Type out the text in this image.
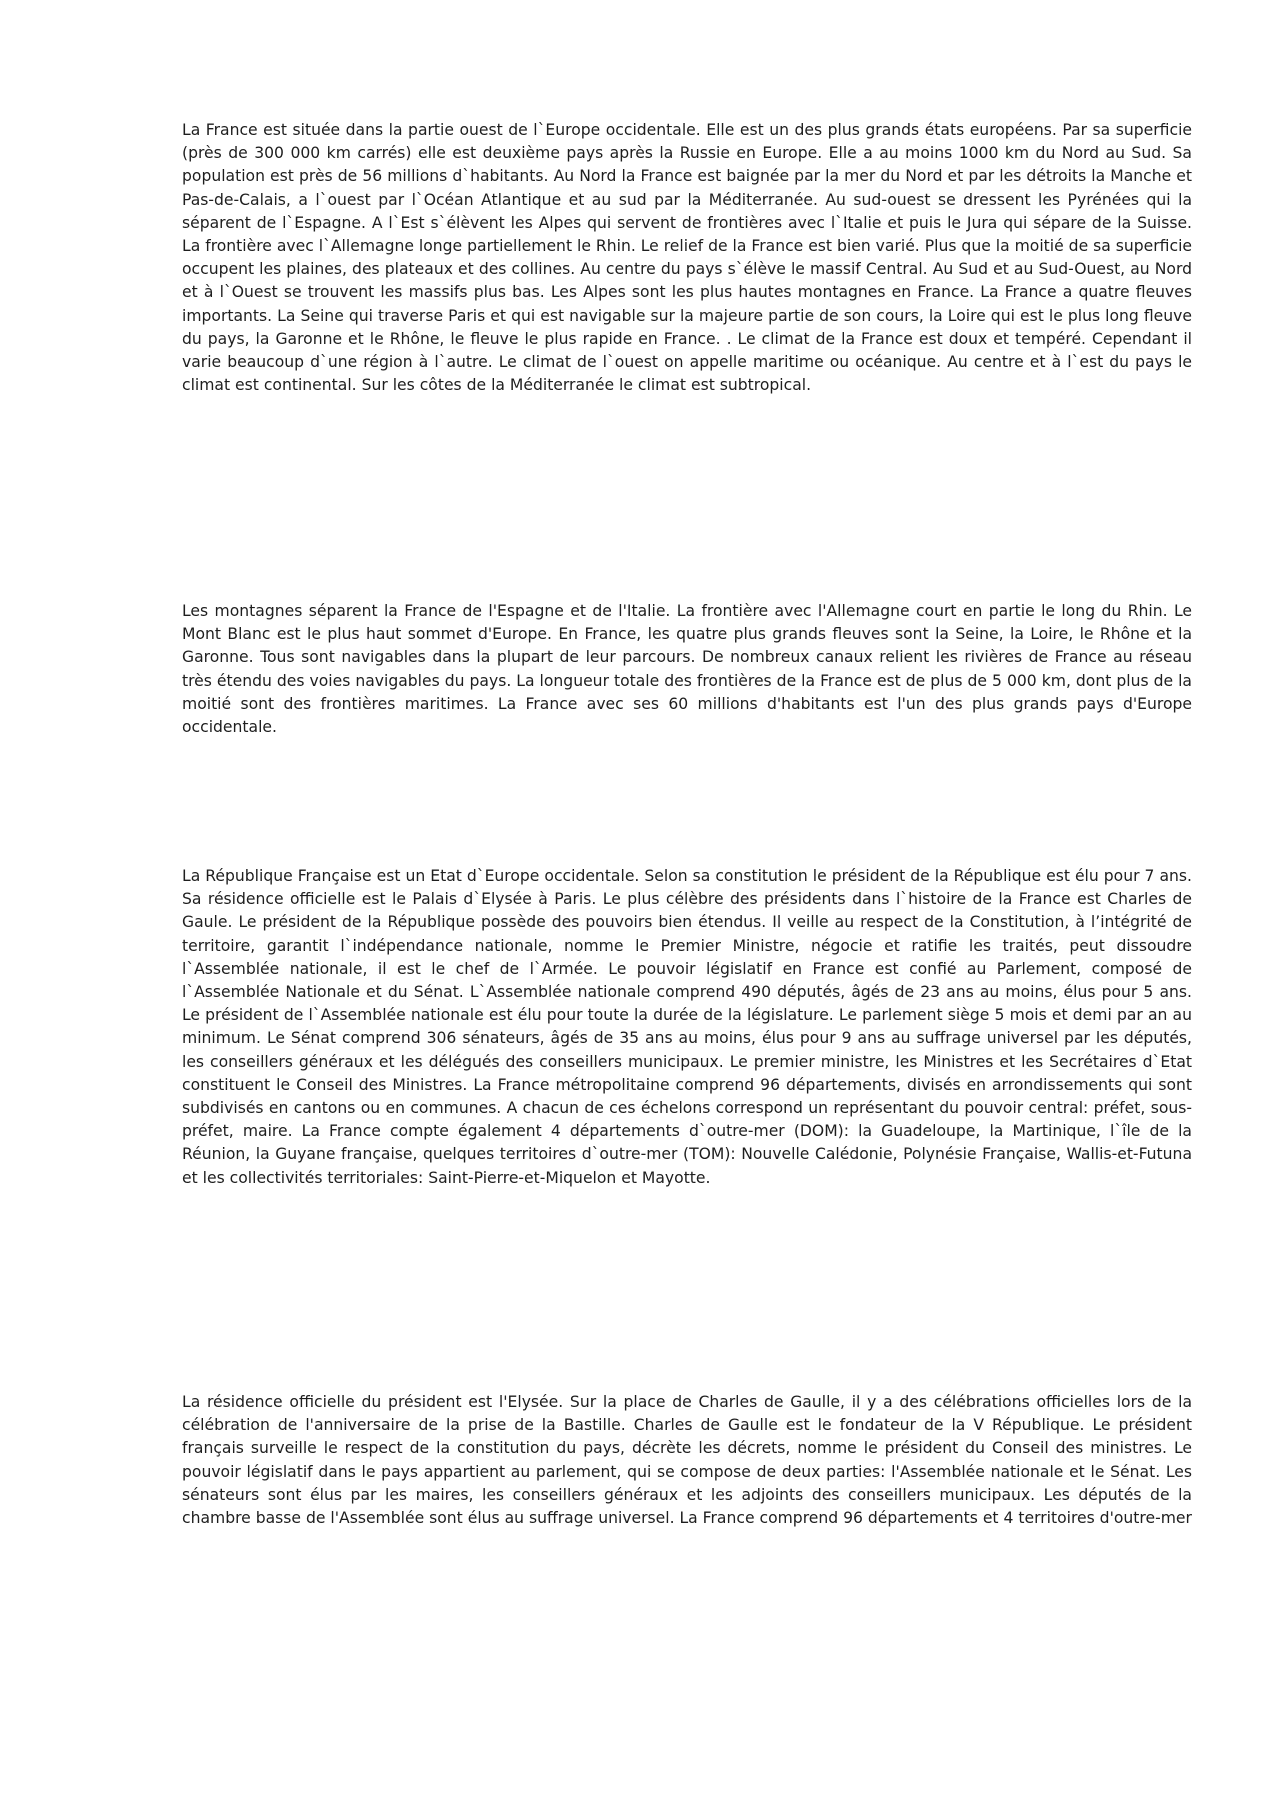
La France est située dans la partie ouest de l`Europe occidentale. Elle est un des plus grands états européens. Par sa superficie (près de 300 000 km carrés) elle est deuxième pays après la Russie en Europe. Elle a au moins 1000 km du Nord au Sud. Sa population est près de 56 millions d`habitants. Au Nord la France est baignée par la mer du Nord et par les détroits la Manche et Pas-de-Calais, a l`ouest par l`Océan Atlantique et au sud par la Méditerranée. Au sud-ouest se dressent les Pyrénées qui la séparent de l`Espagne. A l`Est s`élèvent les Alpes qui servent de frontières avec l`Italie et puis le Jura qui sépare de la Suisse. La frontière avec l`Allemagne longe partiellement le Rhin. Le relief de la France est bien varié. Plus que la moitié de sa superficie occupent les plaines, des plateaux et des collines. Au centre du pays s`élève le massif Central. Au Sud et au Sud-Ouest, au Nord et à l`Ouest se trouvent les massifs plus bas. Les Alpes sont les plus hautes montagnes en France. La France a quatre fleuves importants. La Seine qui traverse Paris et qui est navigable sur la majeure partie de son cours, la Loire qui est le plus long fleuve du pays, la Garonne et le Rhône, le fleuve le plus rapide en France. . Le climat de la France est doux et tempéré. Cependant il varie beaucoup d`une région à l`autre. Le climat de l`ouest on appelle maritime ou océanique. Au centre et à l`est du pays le climat est continental. Sur les côtes de la Méditerranée le climat est subtropical.

Les montagnes séparent la France de l'Espagne et de l'Italie. La frontière avec l'Allemagne court en partie le long du Rhin. Le Mont Blanc est le plus haut sommet d'Europe. En France, les quatre plus grands fleuves sont la Seine, la Loire, le Rhône et la Garonne. Tous sont navigables dans la plupart de leur parcours. De nombreux canaux relient les rivières de France au réseau très étendu des voies navigables du pays. La longueur totale des frontières de la France est de plus de 5 000 km, dont plus de la moitié sont des frontières maritimes. La France avec ses 60 millions d'habitants est l'un des plus grands pays d'Europe occidentale.

La République Française est un Etat d`Europe occidentale. Selon sa constitution le président de la République est élu pour 7 ans. Sa résidence officielle est le Palais d`Elysée à Paris. Le plus célèbre des présidents dans l`histoire de la France est Charles de Gaule. Le président de la République possède des pouvoirs bien étendus. Il veille au respect de la Constitution, à l’intégrité de territoire, garantit l`indépendance nationale, nomme le Premier Ministre, négocie et ratifie les traités, peut dissoudre l`Assemblée nationale, il est le chef de l`Armée. Le pouvoir législatif en France est confié au Parlement, composé de l`Assemblée Nationale et du Sénat. L`Assemblée nationale comprend 490 députés, âgés de 23 ans au moins, élus pour 5 ans. Le président de l`Assemblée nationale est élu pour toute la durée de la législature. Le parlement siège 5 mois et demi par an au minimum. Le Sénat comprend 306 sénateurs, âgés de 35 ans au moins, élus pour 9 ans au suffrage universel par les députés, les conseillers généraux et les délégués des conseillers municipaux. Le premier ministre, les Ministres et les Secrétaires d`Etat constituent le Conseil des Ministres. La France métropolitaine comprend 96 départements, divisés en arrondissements qui sont subdivisés en cantons ou en communes. A chacun de ces échelons correspond un représentant du pouvoir central: préfet, sous-préfet, maire. La France compte également 4 départements d`outre-mer (DOM): la Guadeloupe, la Martinique, l`île de la Réunion, la Guyane française, quelques territoires d`outre-mer (TOM): Nouvelle Calédonie, Polynésie Française, Wallis-et-Futuna et les collectivités territoriales: Saint-Pierre-et-Miquelon et Mayotte.

La résidence officielle du président est l'Elysée. Sur la place de Charles de Gaulle, il y a des célébrations officielles lors de la célébration de l'anniversaire de la prise de la Bastille. Charles de Gaulle est le fondateur de la V République. Le président français surveille le respect de la constitution du pays, décrète les décrets, nomme le président du Conseil des ministres. Le pouvoir législatif dans le pays appartient au parlement, qui se compose de deux parties: l'Assemblée nationale et le Sénat. Les sénateurs sont élus par les maires, les conseillers généraux et les adjoints des conseillers municipaux. Les députés de la chambre basse de l'Assemblée sont élus au suffrage universel. La France comprend 96 départements et 4 territoires d'outre-mer
